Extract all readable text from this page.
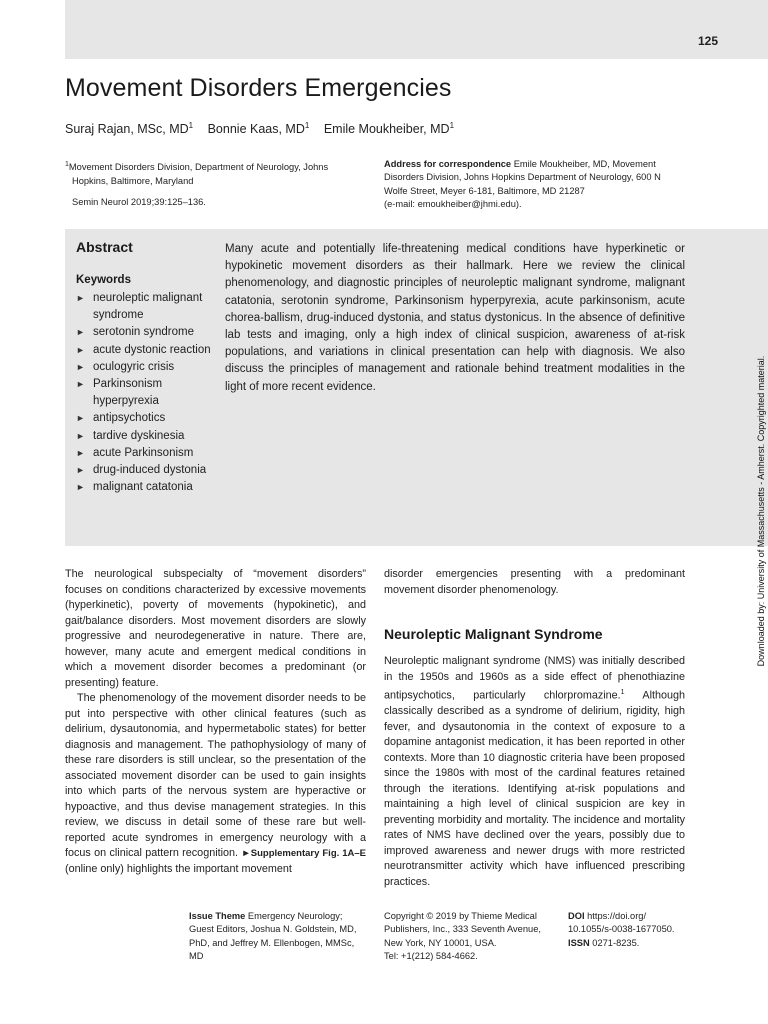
125
Movement Disorders Emergencies
Suraj Rajan, MSc, $MD^1$ Bonnie Kaas, $MD^1$ Emile Moukheiber, $MD^1$
$^1$Movement Disorders Division, Department of Neurology, Johns
Hopkins, Baltimore, Maryland
Semin Neurol 2019;39:125–136.
Address for correspondence Emile Moukheiber, MD, Movement
Disorders Division, Johns Hopkins Department of Neurology, 600 N
Wolfe Street, Meyer 6-181, Baltimore, MD 21287
(e-mail: emoukheiber@jhmi.edu).
Abstract
Keywords
► neuroleptic malignant syndrome
► serotonin syndrome
► acute dystonic reaction
► oculogyric crisis
► Parkinsonism hyperpyrexia
► antipsychotics
► tardive dyskinesia
► acute Parkinsonism
► drug-induced dystonia
► malignant catatonia

Many acute and potentially life-threatening medical conditions have hyperkinetic or hypokinetic movement disorders as their hallmark. Here we review the clinical phenomenology, and diagnostic principles of neuroleptic malignant syndrome, malignant catatonia, serotonin syndrome, Parkinsonism hyperpyrexia, acute parkinsonism, acute chorea-ballism, drug-induced dystonia, and status dystonicus. In the absence of definitive lab tests and imaging, only a high index of clinical suspicion, awareness of at-risk populations, and variations in clinical presentation can help with diagnosis. We also discuss the principles of management and rationale behind treatment modalities in the light of more recent evidence.

The neurological subspecialty of “movement disorders” focuses on conditions characterized by excessive movements (hyperkinetic), poverty of movements (hypokinetic), and gait/balance disorders. Most movement disorders are slowly progressive and neurodegenerative in nature. There are, however, many acute and emergent medical conditions in which a movement disorder becomes a predominant (or presenting) feature.

The phenomenology of the movement disorder needs to be put into perspective with other clinical features (such as delirium, dysautonomia, and hypermetabolic states) for better diagnosis and management. The pathophysiology of many of these rare disorders is still unclear, so the presentation of the associated movement disorder can be used to gain insights into which parts of the nervous system are hyperactive or hypoactive, and thus devise management strategies. In this review, we discuss in detail some of these rare but well-reported acute syndromes in emergency neurology with a focus on clinical pattern recognition. ►Supplementary Fig. 1A–E (online only) highlights the important movement

disorder emergencies presenting with a predominant movement disorder phenomenology.

Neuroleptic Malignant Syndrome

Neuroleptic malignant syndrome (NMS) was initially described in the 1950s and 1960s as a side effect of phenothiazine antipsychotics, particularly chlorpromazine.$^1$ Although classically described as a syndrome of delirium, rigidity, high fever, and dysautonomia in the context of exposure to a dopamine antagonist medication, it has been reported in other contexts. More than 10 diagnostic criteria have been proposed since the 1980s with most of the cardinal features retained through the iterations. Identifying at-risk populations and maintaining a high level of clinical suspicion are key in preventing morbidity and mortality. The incidence and mortality rates of NMS have declined over the years, possibly due to improved awareness and newer drugs with more restricted neurotransmitter activity which have influenced prescribing practices.

Issue Theme Emergency Neurology;
Guest Editors, Joshua N. Goldstein, MD,
PhD, and Jeffrey M. Ellenbogen, MMSc,
MD
Copyright © 2019 by Thieme Medical
Publishers, Inc., 333 Seventh Avenue,
New York, NY 10001, USA.
Tel: +1(212) 584-4662.
DOI https://doi.org/
10.1055/s-0038-1677050.
ISSN 0271-8235.
Downloaded by: University of Massachusetts - Amherst. Copyrighted material.
